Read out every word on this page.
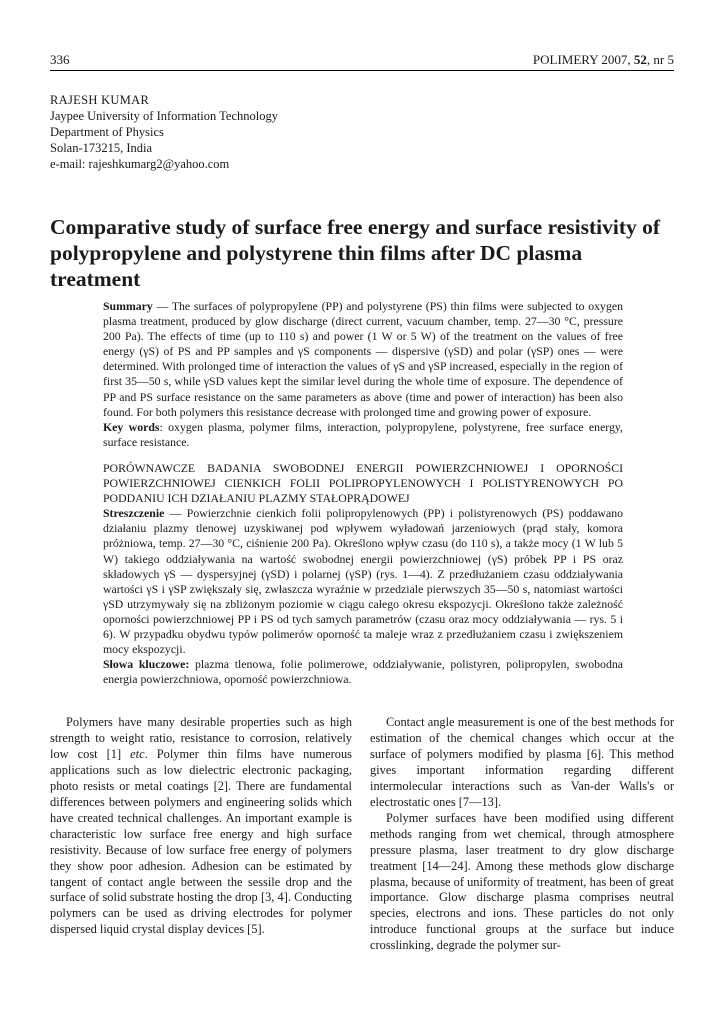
336	POLIMERY 2007, 52, nr 5
RAJESH KUMAR
Jaypee University of Information Technology
Department of Physics
Solan-173215, India
e-mail: rajeshkumarg2@yahoo.com
Comparative study of surface free energy and surface resistivity of polypropylene and polystyrene thin films after DC plasma treatment

Summary — The surfaces of polypropylene (PP) and polystyrene (PS) thin films were subjected to oxygen plasma treatment, produced by glow discharge (direct current, vacuum chamber, temp. 27—30 °C, pressure 200 Pa). The effects of time (up to 110 s) and power (1 W or 5 W) of the treatment on the values of free energy (γS) of PS and PP samples and γS components — dispersive (γSD) and polar (γSP) ones — were determined. With prolonged time of interaction the values of γS and γSP increased, especially in the region of first 35—50 s, while γSD values kept the similar level during the whole time of exposure. The dependence of PP and PS surface resistance on the same parameters as above (time and power of interaction) has been also found. For both polymers this resistance decrease with prolonged time and growing power of exposure.

Key words: oxygen plasma, polymer films, interaction, polypropylene, polystyrene, free surface energy, surface resistance.

PORÓWNAWCZE BADANIA SWOBODNEJ ENERGII POWIERZCHNIOWEJ I OPORNOŚCI POWIERZCHNIOWEJ CIENKICH FOLII POLIPROPYLENOWYCH I POLISTYRENOWYCH PO PODDANIU ICH DZIAŁANIU PLAZMY STAŁOPRĄDOWEJ

Streszczenie — Powierzchnie cienkich folii polipropylenowych (PP) i polistyrenowych (PS) poddawano działaniu plazmy tlenowej uzyskiwanej pod wpływem wyładowań jarzeniowych (prąd stały, komora próżniowa, temp. 27—30 °C, ciśnienie 200 Pa). Określono wpływ czasu (do 110 s), a także mocy (1 W lub 5 W) takiego oddziaływania na wartość swobodnej energii powierzchniowej (γS) próbek PP i PS oraz składowych γS — dyspersyjnej (γSD) i polarnej (γSP) (rys. 1—4). Z przedłużaniem czasu oddziaływania wartości γS i γSP zwiększały się, zwłaszcza wyraźnie w przedziale pierwszych 35—50 s, natomiast wartości γSD utrzymywały się na zbliżonym poziomie w ciągu całego okresu ekspozycji. Określono także zależność oporności powierzchniowej PP i PS od tych samych parametrów (czasu oraz mocy oddziaływania — rys. 5 i 6). W przypadku obydwu typów polimerów oporność ta maleje wraz z przedłużaniem czasu i zwiększeniem mocy ekspozycji.

Słowa kluczowe: plazma tlenowa, folie polimerowe, oddziaływanie, polistyren, polipropylen, swobodna energia powierzchniowa, oporność powierzchniowa.

Polymers have many desirable properties such as high strength to weight ratio, resistance to corrosion, relatively low cost [1] etc. Polymer thin films have numerous applications such as low dielectric electronic packaging, photo resists or metal coatings [2]. There are fundamental differences between polymers and engineering solids which have created technical challenges. An important example is characteristic low surface free energy and high surface resistivity. Because of low surface free energy of polymers they show poor adhesion. Adhesion can be estimated by tangent of contact angle between the sessile drop and the surface of solid substrate hosting the drop [3, 4]. Conducting polymers can be used as driving electrodes for polymer dispersed liquid crystal display devices [5].

Contact angle measurement is one of the best methods for estimation of the chemical changes which occur at the surface of polymers modified by plasma [6]. This method gives important information regarding different intermolecular interactions such as Van-der Walls's or electrostatic ones [7—13].

Polymer surfaces have been modified using different methods ranging from wet chemical, through atmosphere pressure plasma, laser treatment to dry glow discharge treatment [14—24]. Among these methods glow discharge plasma, because of uniformity of treatment, has been of great importance. Glow discharge plasma comprises neutral species, electrons and ions. These particles do not only introduce functional groups at the surface but induce crosslinking, degrade the polymer sur-
